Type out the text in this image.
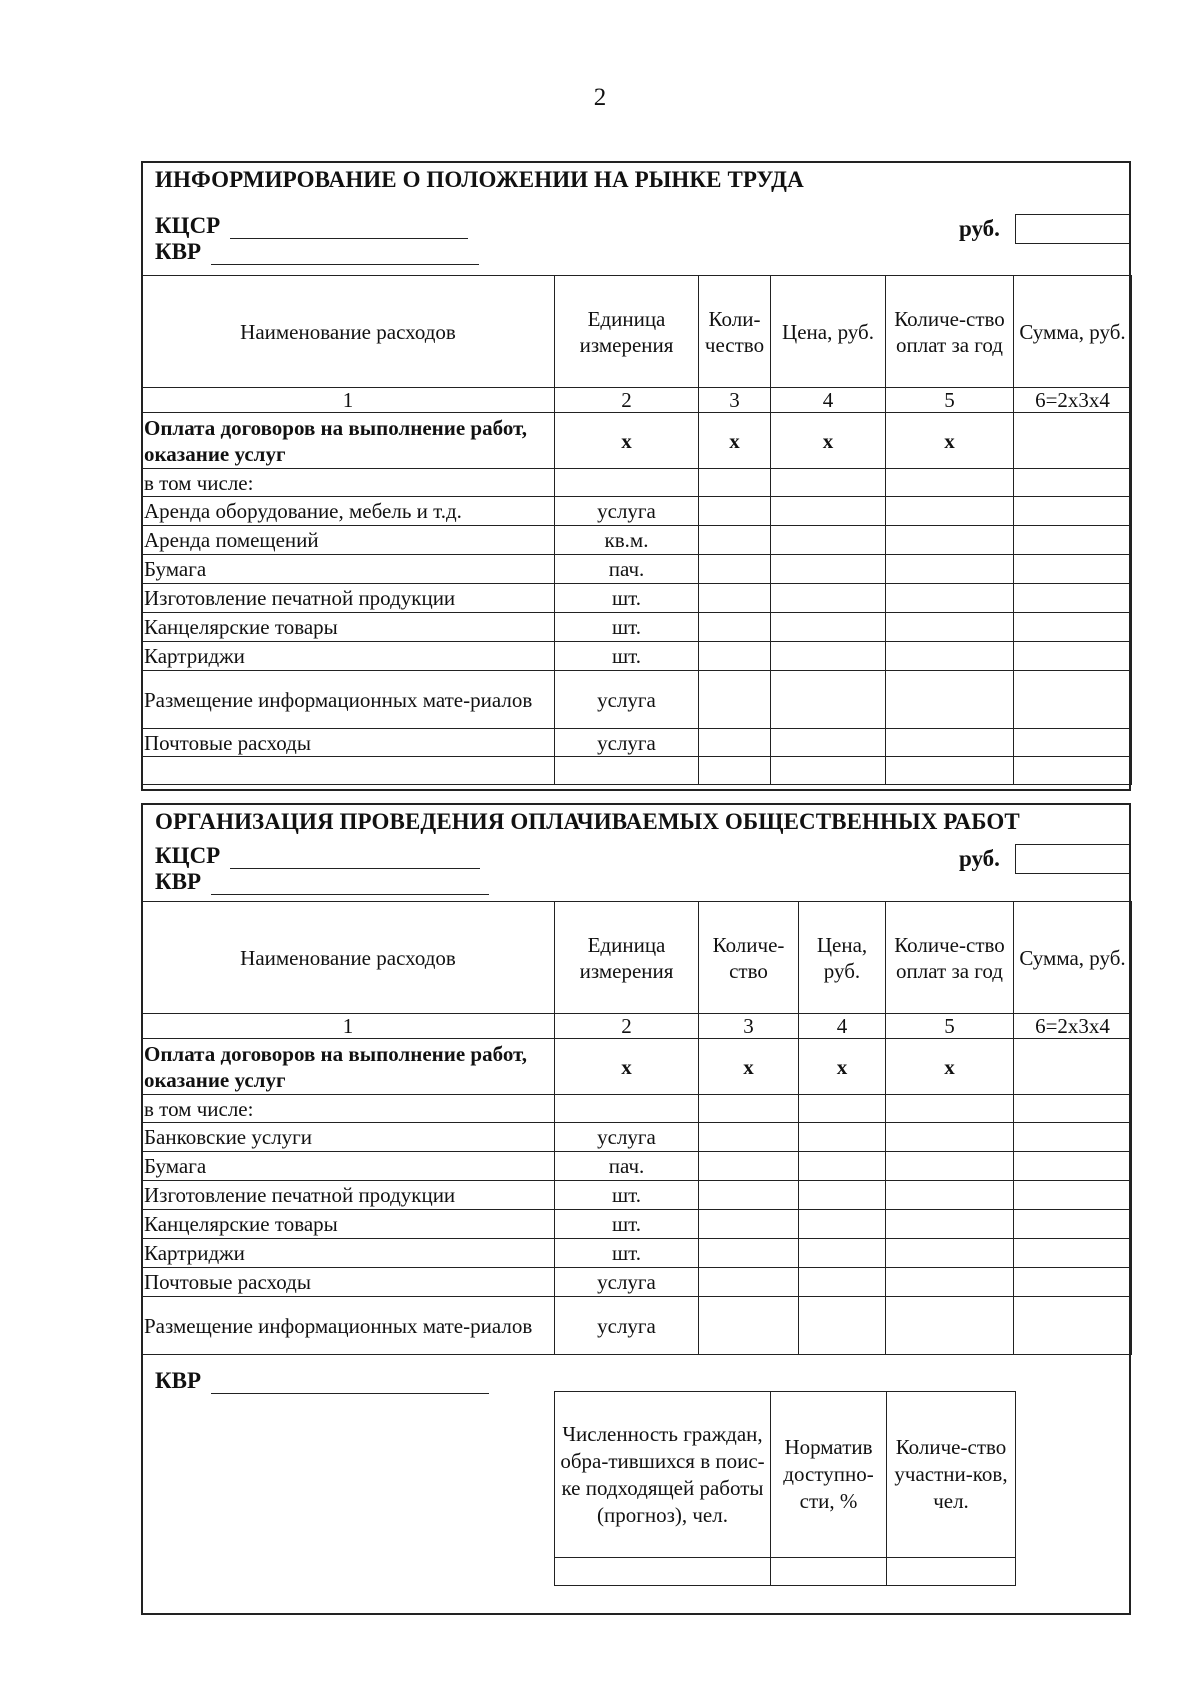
2
ИНФОРМИРОВАНИЕ О ПОЛОЖЕНИИ НА РЫНКЕ ТРУДА
КЦСР
КВР
руб.
Наименование расходов	Единица измерения	Коли-чество	Цена, руб.	Количе-ство оплат за год	Сумма, руб.
1	2	3	4	5	6=2х3х4
Оплата договоров на выполнение работ, оказание услуг	х	х	х	х	
в том числе:					
Аренда оборудование, мебель и т.д.	услуга				
Аренда помещений	кв.м.				
Бумага	пач.				
Изготовление печатной продукции	шт.				
Канцелярские товары	шт.				
Картриджи	шт.				
Размещение информационных мате-риалов	услуга				
Почтовые расходы	услуга				

ОРГАНИЗАЦИЯ ПРОВЕДЕНИЯ ОПЛАЧИВАЕМЫХ ОБЩЕСТВЕННЫХ РАБОТ
КЦСР
КВР
руб.
Наименование расходов	Единица измерения	Количе-ство	Цена, руб.	Количе-ство оплат за год	Сумма, руб.
1	2	3	4	5	6=2х3х4
Оплата договоров на выполнение работ, оказание услуг	х	х	х	х	
в том числе:					
Банковские услуги	услуга				
Бумага	пач.				
Изготовление печатной продукции	шт.				
Канцелярские товары	шт.				
Картриджи	шт.				
Почтовые расходы	услуга				
Размещение информационных мате-риалов	услуга				
КВР
Численность граждан, обра-тившихся в поис-ке подходящей работы (прогноз), чел.	Норматив доступно-сти, %	Количе-ство участни-ков, чел.
